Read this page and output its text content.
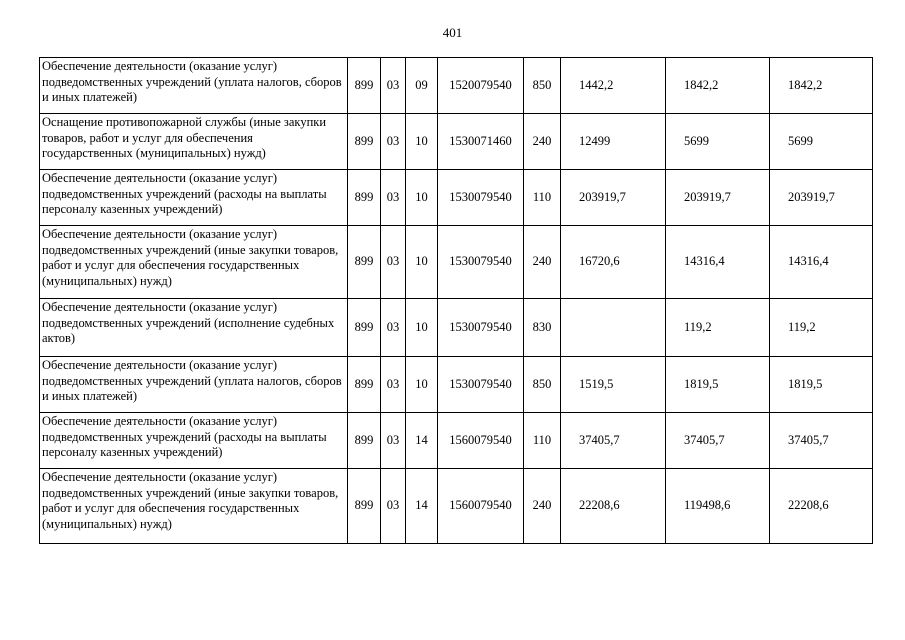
401
Обеспечение деятельности (оказание услуг) подведомственных учреждений (уплата налогов, сборов и иных платежей)	899	03	09	1520079540	850	1442,2	1842,2	1842,2
Оснащение противопожарной службы (иные закупки товаров, работ и услуг для обеспечения государственных (муниципальных) нужд)	899	03	10	1530071460	240	12499	5699	5699
Обеспечение деятельности (оказание услуг) подведомственных учреждений (расходы на выплаты персоналу казенных учреждений)	899	03	10	1530079540	110	203919,7	203919,7	203919,7
Обеспечение деятельности (оказание услуг) подведомственных учреждений (иные закупки товаров, работ и услуг для обеспечения государственных (муниципальных) нужд)	899	03	10	1530079540	240	16720,6	14316,4	14316,4
Обеспечение деятельности (оказание услуг) подведомственных учреждений (исполнение судебных актов)	899	03	10	1530079540	830		119,2	119,2
Обеспечение деятельности (оказание услуг) подведомственных учреждений (уплата налогов, сборов и иных платежей)	899	03	10	1530079540	850	1519,5	1819,5	1819,5
Обеспечение деятельности (оказание услуг) подведомственных учреждений (расходы на выплаты персоналу казенных учреждений)	899	03	14	1560079540	110	37405,7	37405,7	37405,7
Обеспечение деятельности (оказание услуг) подведомственных учреждений (иные закупки товаров, работ и услуг для обеспечения государственных (муниципальных) нужд)	899	03	14	1560079540	240	22208,6	119498,6	22208,6
